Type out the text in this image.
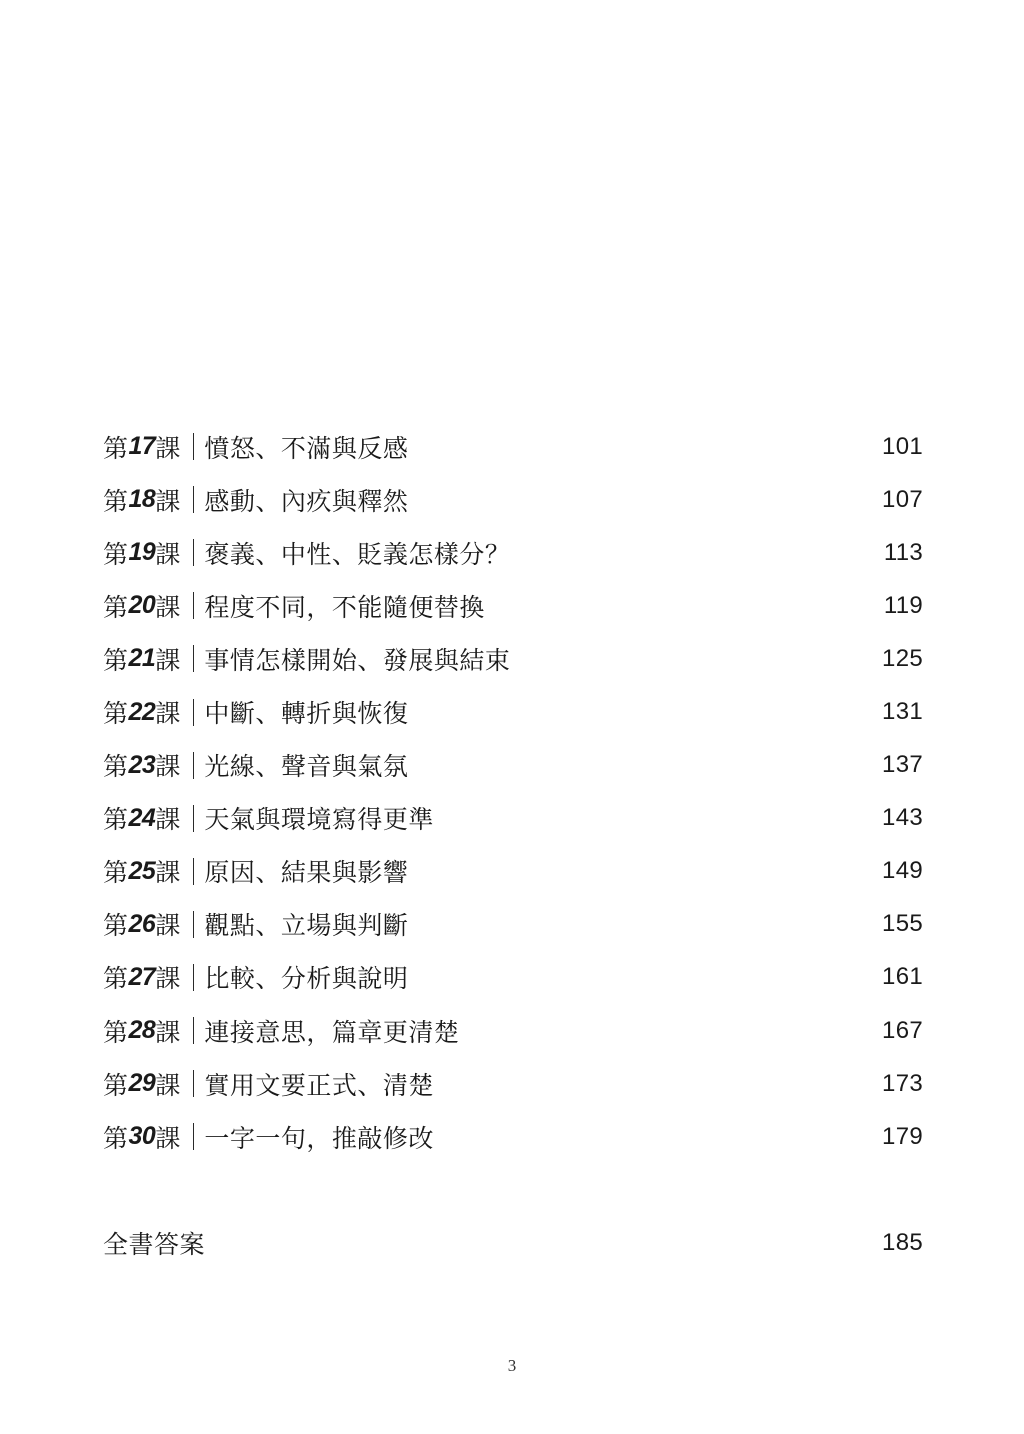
第 17 課 憤怒、不滿與反感	101
第 18 課 感動、內疚與釋然	107
第 19 課 褒義、中性、貶義怎樣分？	113
第 20 課 程度不同，不能隨便替換	119
第 21 課 事情怎樣開始、發展與結束	125
第 22 課 中斷、轉折與恢復	131
第 23 課 光線、聲音與氣氛	137
第 24 課 天氣與環境寫得更準	143
第 25 課 原因、結果與影響	149
第 26 課 觀點、立場與判斷	155
第 27 課 比較、分析與說明	161
第 28 課 連接意思，篇章更清楚	167
第 29 課 實用文要正式、清楚	173
第 30 課 一字一句，推敲修改	179
全書答案	185
3
